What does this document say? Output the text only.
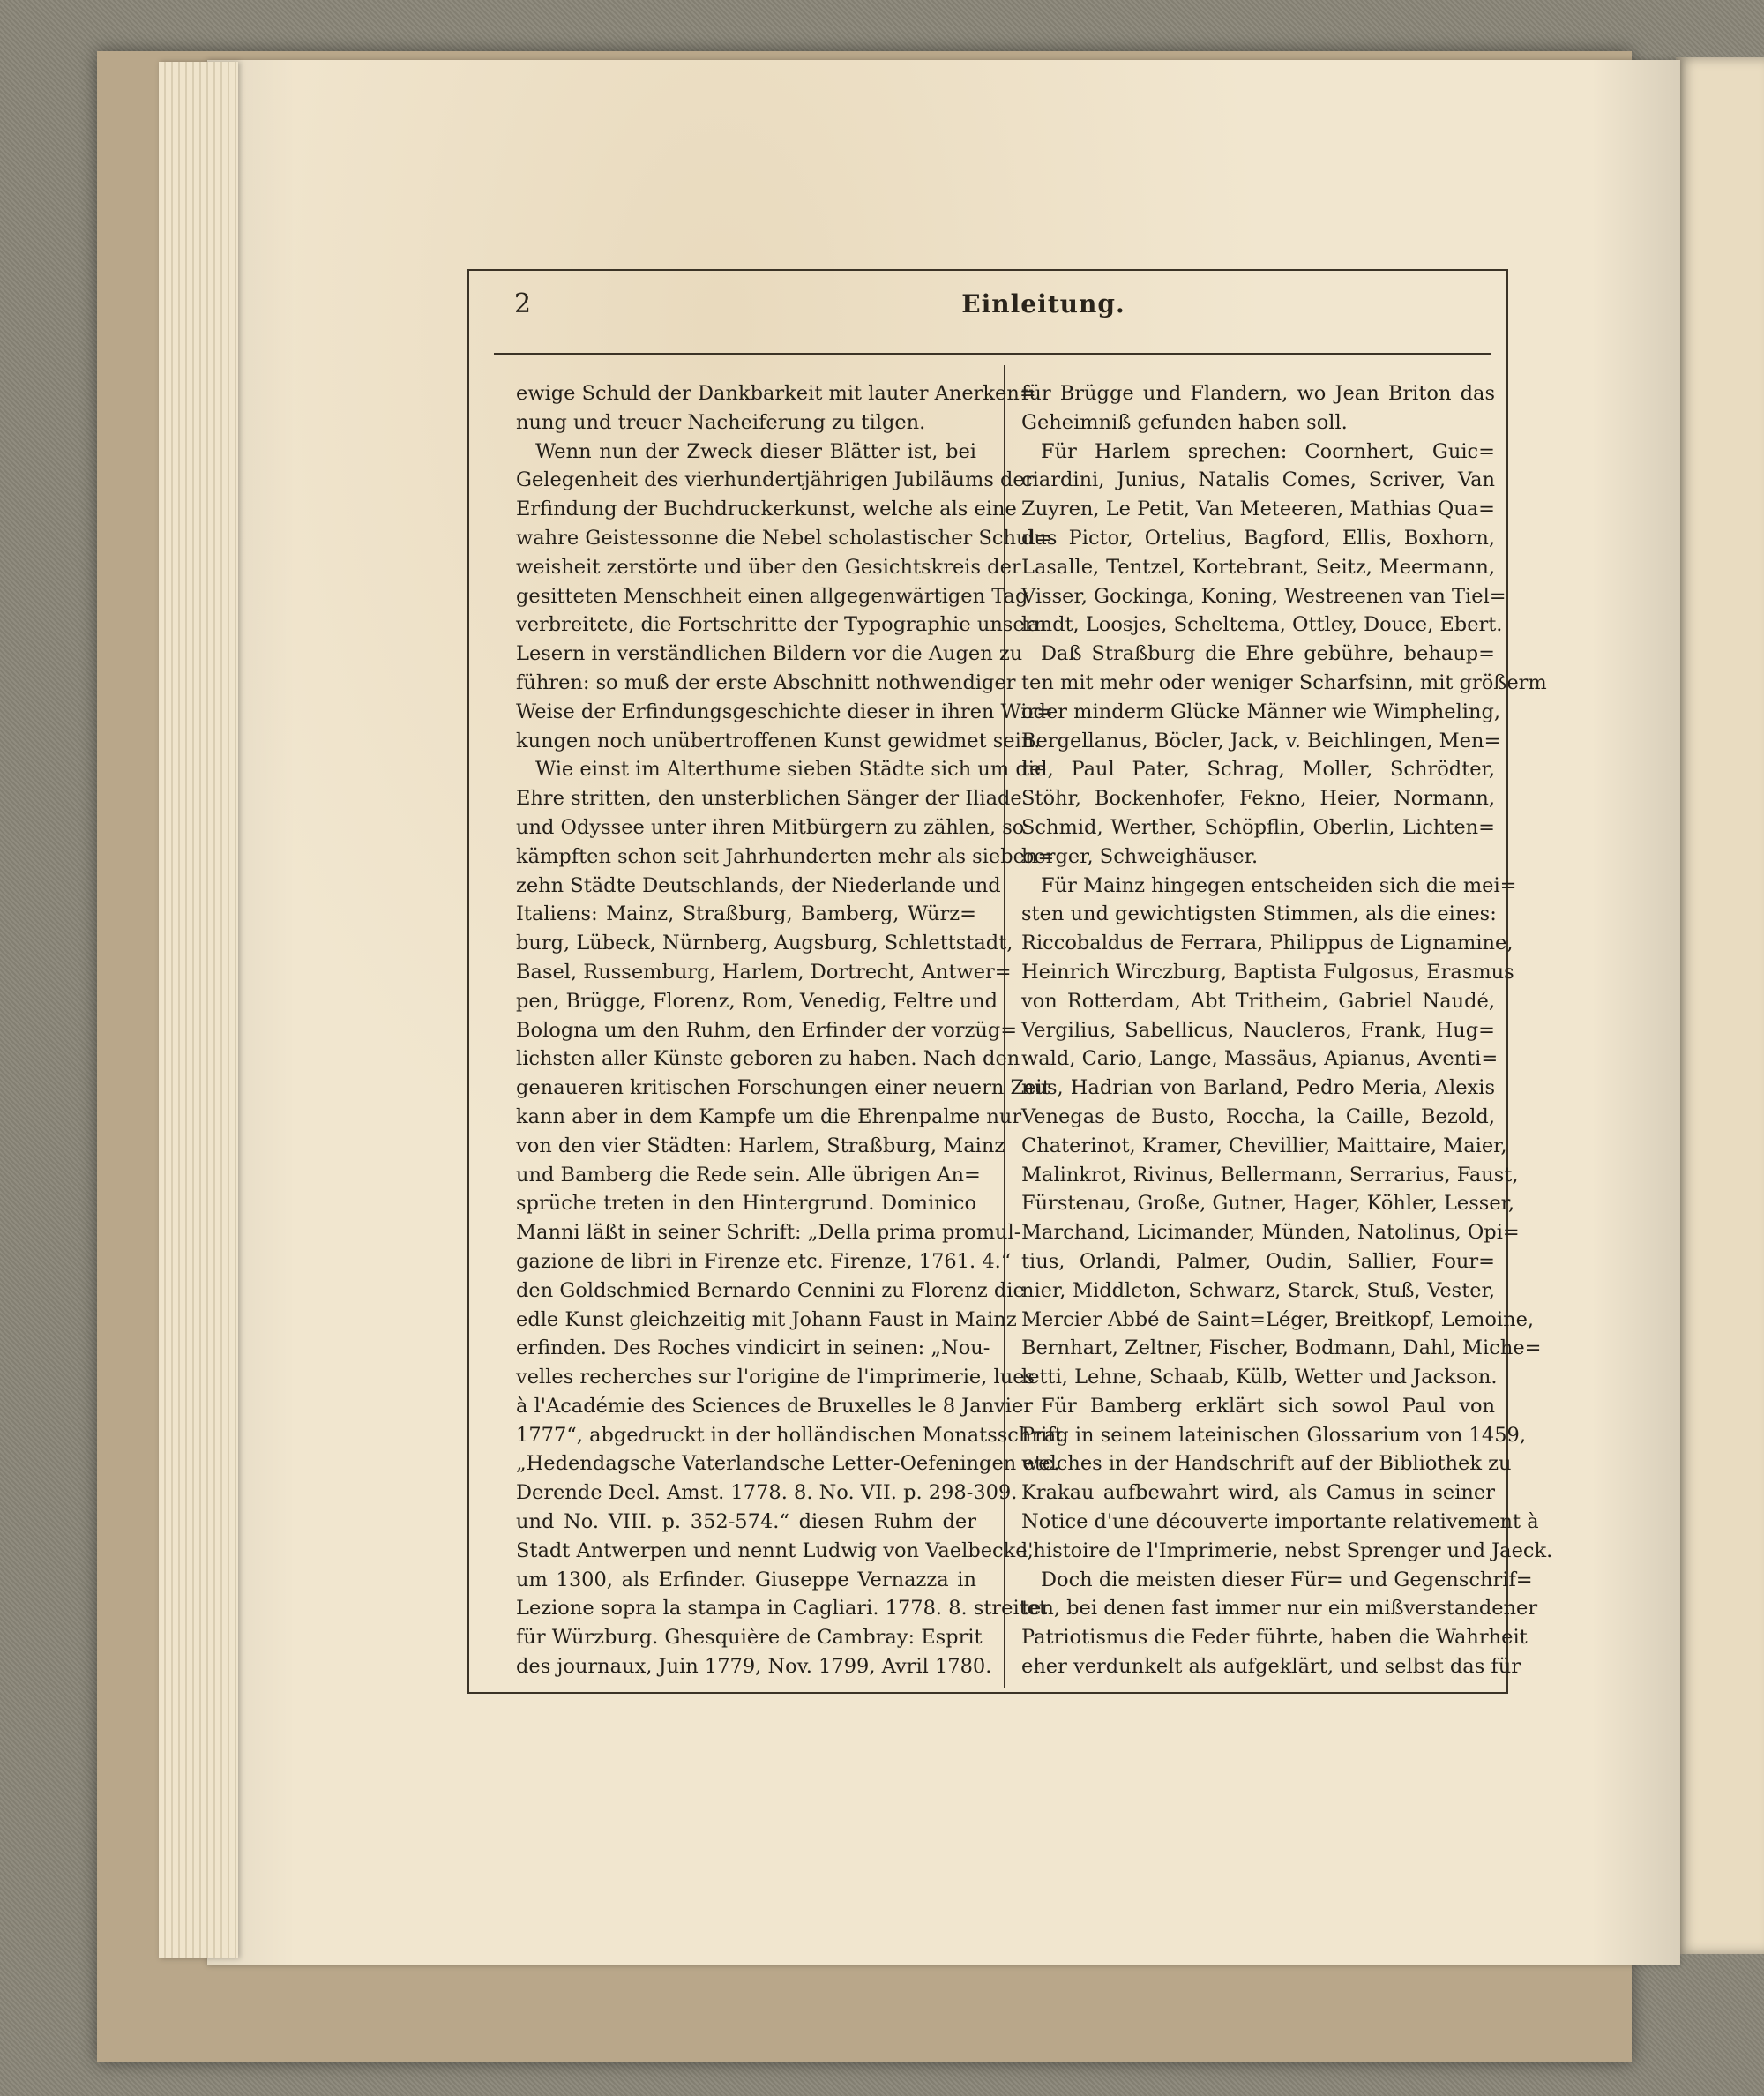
2	Einleitung.
ewige Schuld der Dankbarkeit mit lauter Anerken=
nung und treuer Nacheiferung zu tilgen.
Wenn nun der Zweck dieser Blätter ist, bei
Gelegenheit des vierhundertjährigen Jubiläums der
Erfindung der Buchdruckerkunst, welche als eine
wahre Geistessonne die Nebel scholastischer Schul=
weisheit zerstörte und über den Gesichtskreis der
gesitteten Menschheit einen allgegenwärtigen Tag
verbreitete, die Fortschritte der Typographie unsern
Lesern in verständlichen Bildern vor die Augen zu
führen: so muß der erste Abschnitt nothwendiger
Weise der Erfindungsgeschichte dieser in ihren Wir=
kungen noch unübertroffenen Kunst gewidmet sein.
Wie einst im Alterthume sieben Städte sich um die
Ehre stritten, den unsterblichen Sänger der Iliade
und Odyssee unter ihren Mitbürgern zu zählen, so
kämpften schon seit Jahrhunderten mehr als sieben=
zehn Städte Deutschlands, der Niederlande und
Italiens: Mainz, Straßburg, Bamberg, Würz=
burg, Lübeck, Nürnberg, Augsburg, Schlettstadt,
Basel, Russemburg, Harlem, Dortrecht, Antwer=
pen, Brügge, Florenz, Rom, Venedig, Feltre und
Bologna um den Ruhm, den Erfinder der vorzüg=
lichsten aller Künste geboren zu haben. Nach den
genaueren kritischen Forschungen einer neuern Zeit
kann aber in dem Kampfe um die Ehrenpalme nur
von den vier Städten: Harlem, Straßburg, Mainz
und Bamberg die Rede sein. Alle übrigen An=
sprüche treten in den Hintergrund. Dominico
Manni läßt in seiner Schrift: „Della prima promul-
gazione de libri in Firenze etc. Firenze, 1761. 4.“
den Goldschmied Bernardo Cennini zu Florenz die
edle Kunst gleichzeitig mit Johann Faust in Mainz
erfinden. Des Roches vindicirt in seinen: „Nou-
velles recherches sur l'origine de l'imprimerie, lues
à l'Académie des Sciences de Bruxelles le 8 Janvier
1777“, abgedruckt in der holländischen Monatsschrift
„Hedendagsche Vaterlandsche Letter-Oefeningen etc.
Derende Deel. Amst. 1778. 8. No. VII. p. 298-309.
und No. VIII. p. 352-574.“ diesen Ruhm der
Stadt Antwerpen und nennt Ludwig von Vaelbecke,
um 1300, als Erfinder. Giuseppe Vernazza in
Lezione sopra la stampa in Cagliari. 1778. 8. streitet
für Würzburg. Ghesquière de Cambray: Esprit
des journaux, Juin 1779, Nov. 1799, Avril 1780.
für Brügge und Flandern, wo Jean Briton das
Geheimniß gefunden haben soll.
Für Harlem sprechen: Coornhert, Guic=
ciardini, Junius, Natalis Comes, Scriver, Van
Zuyren, Le Petit, Van Meteeren, Mathias Qua=
dus Pictor, Ortelius, Bagford, Ellis, Boxhorn,
Lasalle, Tentzel, Kortebrant, Seitz, Meermann,
Visser, Gockinga, Koning, Westreenen van Tiel=
landt, Loosjes, Scheltema, Ottley, Douce, Ebert.
Daß Straßburg die Ehre gebühre, behaup=
ten mit mehr oder weniger Scharfsinn, mit größerm
oder minderm Glücke Männer wie Wimpheling,
Bergellanus, Böcler, Jack, v. Beichlingen, Men=
tel, Paul Pater, Schrag, Moller, Schrödter,
Stöhr, Bockenhofer, Fekno, Heier, Normann,
Schmid, Werther, Schöpflin, Oberlin, Lichten=
berger, Schweighäuser.
Für Mainz hingegen entscheiden sich die mei=
sten und gewichtigsten Stimmen, als die eines:
Riccobaldus de Ferrara, Philippus de Lignamine,
Heinrich Wirczburg, Baptista Fulgosus, Erasmus
von Rotterdam, Abt Tritheim, Gabriel Naudé,
Vergilius, Sabellicus, Naucleros, Frank, Hug=
wald, Cario, Lange, Massäus, Apianus, Aventi=
nus, Hadrian von Barland, Pedro Meria, Alexis
Venegas de Busto, Roccha, la Caille, Bezold,
Chaterinot, Kramer, Chevillier, Maittaire, Maier,
Malinkrot, Rivinus, Bellermann, Serrarius, Faust,
Fürstenau, Große, Gutner, Hager, Köhler, Lesser,
Marchand, Licimander, Münden, Natolinus, Opi=
tius, Orlandi, Palmer, Oudin, Sallier, Four=
nier, Middleton, Schwarz, Starck, Stuß, Vester,
Mercier Abbé de Saint=Léger, Breitkopf, Lemoine,
Bernhart, Zeltner, Fischer, Bodmann, Dahl, Miche=
letti, Lehne, Schaab, Külb, Wetter und Jackson.
Für Bamberg erklärt sich sowol Paul von
Prag in seinem lateinischen Glossarium von 1459,
welches in der Handschrift auf der Bibliothek zu
Krakau aufbewahrt wird, als Camus in seiner
Notice d'une découverte importante relativement à
l'histoire de l'Imprimerie, nebst Sprenger und Jaeck.
Doch die meisten dieser Für= und Gegenschrif=
ten, bei denen fast immer nur ein mißverstandener
Patriotismus die Feder führte, haben die Wahrheit
eher verdunkelt als aufgeklärt, und selbst das für
